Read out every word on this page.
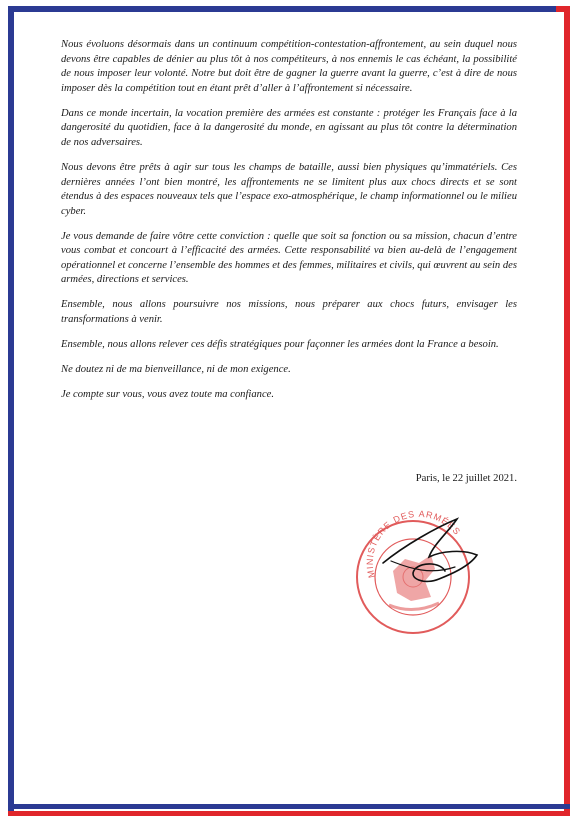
Nous évoluons désormais dans un continuum compétition-contestation-affrontement, au sein duquel nous devons être capables de dénier au plus tôt à nos compétiteurs, à nos ennemis le cas échéant, la possibilité de nous imposer leur volonté. Notre but doit être de gagner la guerre avant la guerre, c’est à dire de nous imposer dès la compétition tout en étant prêt d’aller à l’affrontement si nécessaire.

Dans ce monde incertain, la vocation première des armées est constante : protéger les Français face à la dangerosité du quotidien, face à la dangerosité du monde, en agissant au plus tôt contre la détermination de nos adversaires.

Nous devons être prêts à agir sur tous les champs de bataille, aussi bien physiques qu’immatériels. Ces dernières années l’ont bien montré, les affrontements ne se limitent plus aux chocs directs et se sont étendus à des espaces nouveaux tels que l’espace exo-atmosphérique, le champ informationnel ou le milieu cyber.

Je vous demande de faire vôtre cette conviction : quelle que soit sa fonction ou sa mission, chacun d’entre vous combat et concourt à l’efficacité des armées. Cette responsabilité va bien au-delà de l’engagement opérationnel et concerne l’ensemble des hommes et des femmes, militaires et civils, qui œuvrent au sein des armées, directions et services.

Ensemble, nous allons poursuivre nos missions, nous préparer aux chocs futurs, envisager les transformations à venir.

Ensemble, nous allons relever ces défis stratégiques pour façonner les armées dont la France a besoin.

Ne doutez ni de ma bienveillance, ni de mon exigence.

Je compte sur vous, vous avez toute ma confiance.

Paris, le 22 juillet 2021.
MINISTÈRE DES ARMÉES
